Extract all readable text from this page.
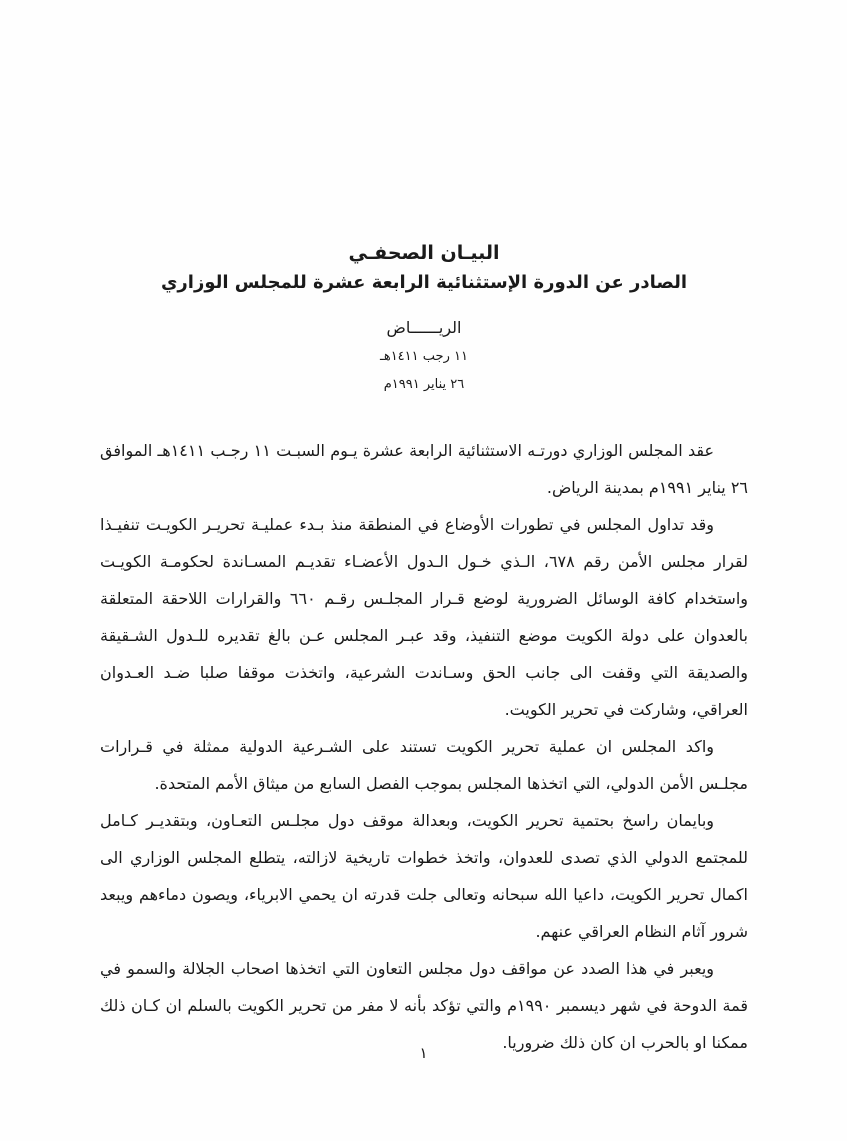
البيـان الصحفـي

الصادر عن الدورة الإستثنائية الرابعة عشرة للمجلس الوزاري

الريــــــاض

١١ رجب ١٤١١هـ

٢٦ يناير ١٩٩١م

عقد المجلس الوزاري دورتـه الاستثنائية الرابعة عشرة يـوم السبـت ١١ رجـب ١٤١١هـ الموافق ٢٦ يناير ١٩٩١م بمدينة الرياض.

وقد تداول المجلس في تطورات الأوضاع في المنطقة منذ بـدء عمليـة تحريـر الكويـت تنفيـذا لقرار مجلس الأمن رقم ٦٧٨، الـذي خـول الـدول الأعضـاء تقديـم المسـاندة لحكومـة الكويـت واستخدام كافة الوسائل الضرورية لوضع قـرار المجلـس رقـم ٦٦٠ والقرارات اللاحقة المتعلقة بالعدوان على دولة الكويت موضع التنفيذ، وقد عبـر المجلس عـن بالغ تقديره للـدول الشـقيقة والصديقة التي وقفت الى جانب الحق وسـاندت الشرعية، واتخذت موقفا صلبا ضـد العـدوان العراقي، وشاركت في تحرير الكويت.

واكد المجلس ان عملية تحرير الكويت تستند على الشـرعية الدولية ممثلة في قـرارات مجلـس الأمن الدولي، التي اتخذها المجلس بموجب الفصل السابع من ميثاق الأمم المتحدة.

وبايمان راسخ بحتمية تحرير الكويت، وبعدالة موقف دول مجلـس التعـاون، وبتقديـر كـامل للمجتمع الدولي الذي تصدى للعدوان، واتخذ خطوات تاريخية لازالته، يتطلع المجلس الوزاري الى اكمال تحرير الكويت، داعيا الله سبحانه وتعالى جلت قدرته ان يحمي الابرياء، ويصون دماءهم ويبعد شرور آثام النظام العراقي عنهم.

ويعبر في هذا الصدد عن مواقف دول مجلس التعاون التي اتخذها اصحاب الجلالة والسمو في قمة الدوحة في شهر ديسمبر ١٩٩٠م والتي تؤكد بأنه لا مفر من تحرير الكويت بالسلم ان كـان ذلك ممكنا او بالحرب ان كان ذلك ضروريا.

١
